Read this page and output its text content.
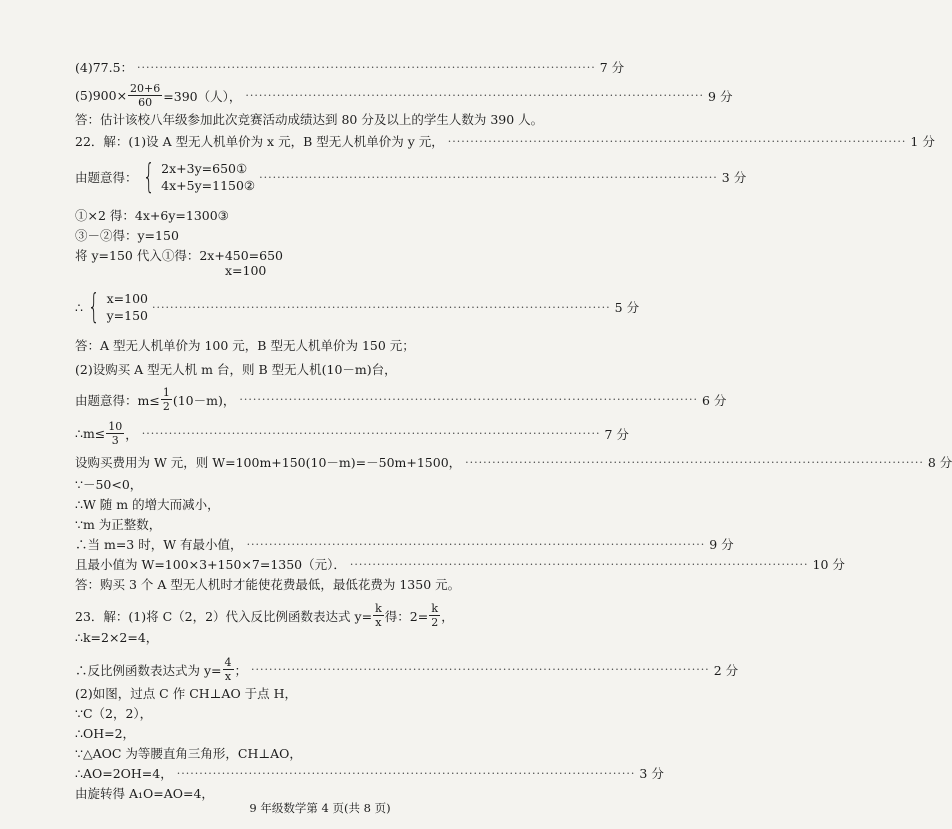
(4)77.5： ······································································································ 7 分
$(5)900\times \frac{20+6}{60} =390$（人）， ······································································································ 9 分
答：估计该校八年级参加此次竞赛活动成绩达到 80 分及以上的学生人数为 390 人。
22．解：(1)设 A 型无人机单价为 x 元，B 型无人机单价为 y 元， ······································································································ 1 分
由题意得： { 2x+3y=650①
4x+5y=1150②
······································································································ 3 分
①×2 得：4x+6y=1300③
③－②得：y=150
将 y=150 代入①得：2x+450=650
x=100
∴ { x=100
y=150
······································································································ 5 分
答：A 型无人机单价为 100 元，B 型无人机单价为 150 元；
(2)设购买 A 型无人机 m 台，则 B 型无人机(10－m)台，
由题意得：$m\le \frac{1}{2} (10-m)$， ······································································································ 6 分
∴m≤ $\frac{10}{3}$ ， ······································································································ 7 分
设购买费用为 W 元，则 W=100m+150(10－m)=－50m+1500， ······································································································ 8 分
∵－50<0，
∴W 随 m 的增大而减小，
∵m 为正整数，
∴当 m=3 时，W 有最小值， ······································································································ 9 分
且最小值为 W=100×3+150×7=1350（元）． ······································································································ 10 分
答：购买 3 个 A 型无人机时才能使花费最低，最低花费为 1350 元。
23．解：(1)将 C（2，2）代入反比例函数表达式 $y= \frac{k}{x}$ 得：$2= \frac{k}{2}$ ，
∴k=2×2=4，
∴反比例函数表达式为 $y= \frac{4}{x}$ ； ······································································································ 2 分
(2)如图，过点 C 作 CH⊥AO 于点 H，
∵C（2，2），
∴OH=2，
∵△AOC 为等腰直角三角形，CH⊥AO，
∴AO=2OH=4， ······································································································ 3 分
由旋转得 A₁O=AO=4，
9 年级数学第 4 页(共 8 页)
